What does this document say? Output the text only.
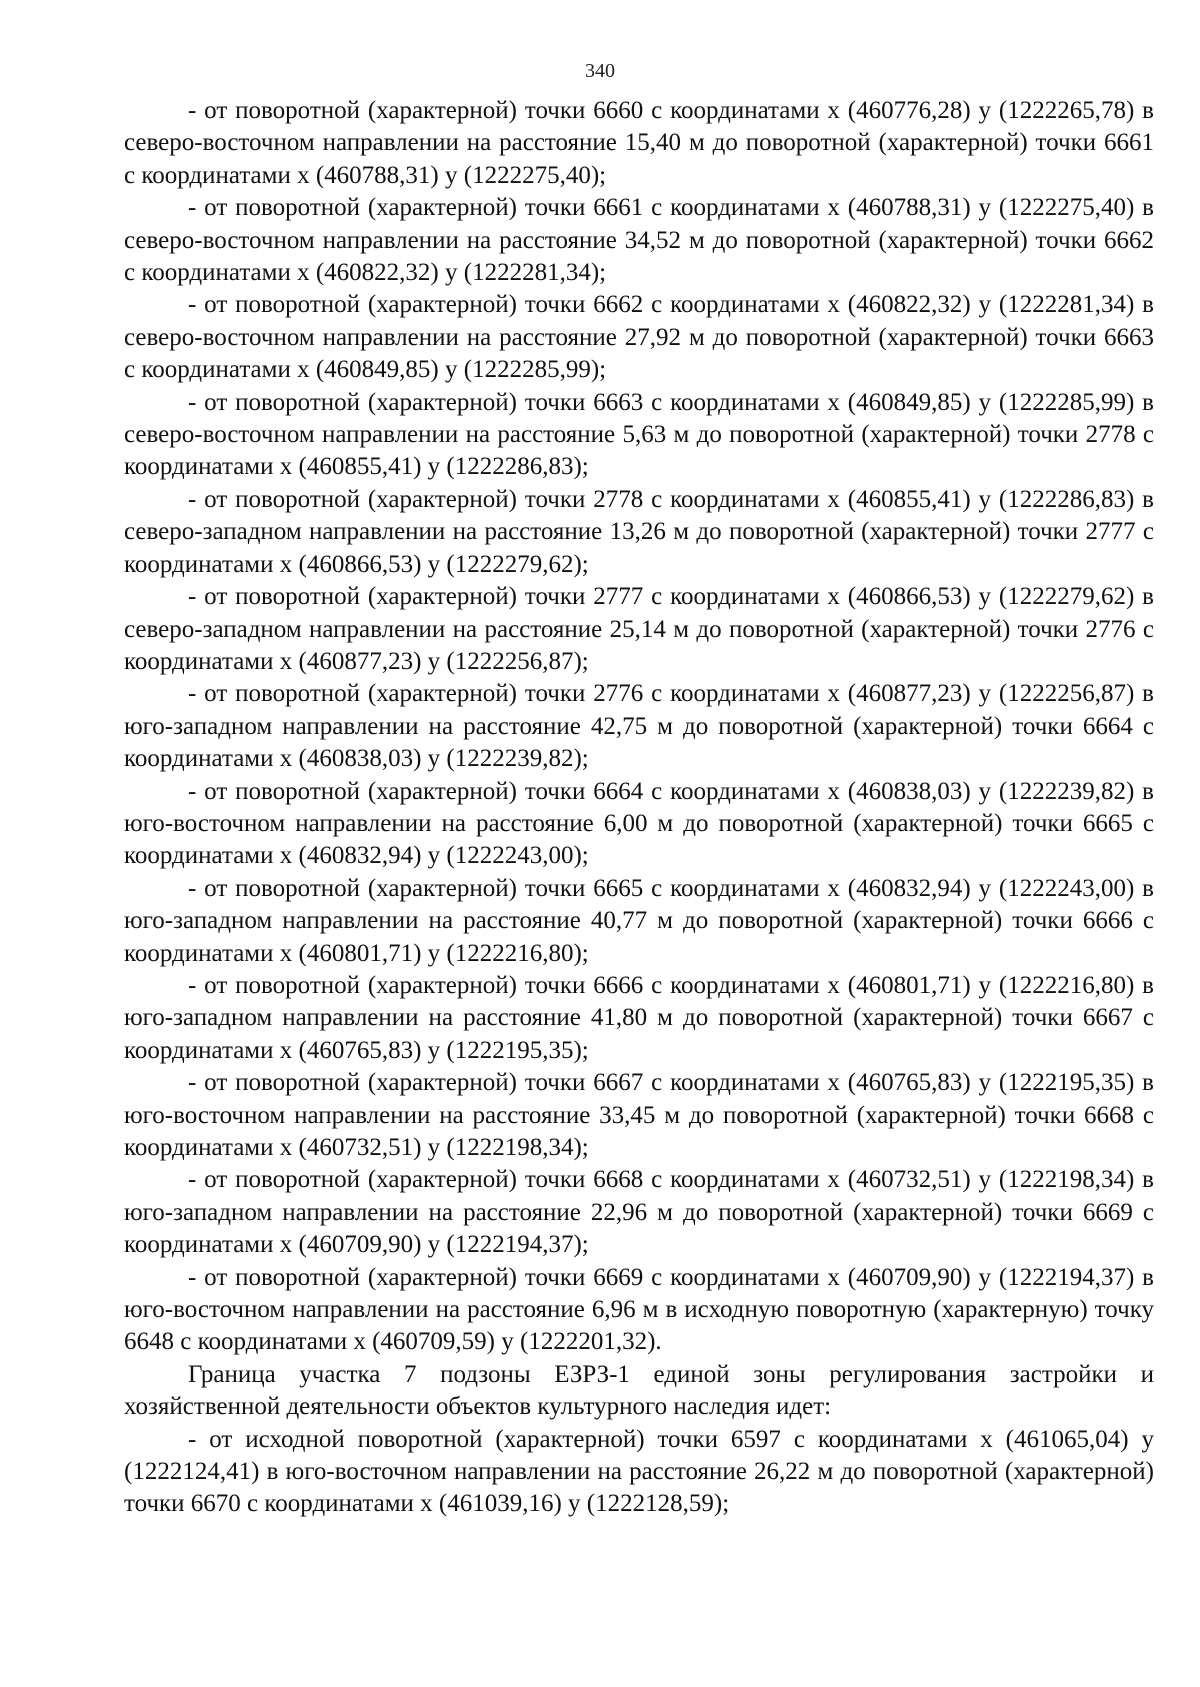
340

- от поворотной (характерной) точки 6660 с координатами x (460776,28) y (1222265,78) в северо-восточном направлении на расстояние 15,40 м до поворотной (характерной) точки 6661 с координатами x (460788,31) y (1222275,40);

- от поворотной (характерной) точки 6661 с координатами x (460788,31) y (1222275,40) в северо-восточном направлении на расстояние 34,52 м до поворотной (характерной) точки 6662 с координатами x (460822,32) y (1222281,34);

- от поворотной (характерной) точки 6662 с координатами x (460822,32) y (1222281,34) в северо-восточном направлении на расстояние 27,92 м до поворотной (характерной) точки 6663 с координатами x (460849,85) y (1222285,99);

- от поворотной (характерной) точки 6663 с координатами x (460849,85) y (1222285,99) в северо-восточном направлении на расстояние 5,63 м до поворотной (характерной) точки 2778 с координатами x (460855,41) y (1222286,83);

- от поворотной (характерной) точки 2778 с координатами x (460855,41) y (1222286,83) в северо-западном направлении на расстояние 13,26 м до поворотной (характерной) точки 2777 с координатами x (460866,53) y (1222279,62);

- от поворотной (характерной) точки 2777 с координатами x (460866,53) y (1222279,62) в северо-западном направлении на расстояние 25,14 м до поворотной (характерной) точки 2776 с координатами x (460877,23) y (1222256,87);

- от поворотной (характерной) точки 2776 с координатами x (460877,23) y (1222256,87) в юго-западном направлении на расстояние 42,75 м до поворотной (характерной) точки 6664 с координатами x (460838,03) y (1222239,82);

- от поворотной (характерной) точки 6664 с координатами x (460838,03) y (1222239,82) в юго-восточном направлении на расстояние 6,00 м до поворотной (характерной) точки 6665 с координатами x (460832,94) y (1222243,00);

- от поворотной (характерной) точки 6665 с координатами x (460832,94) y (1222243,00) в юго-западном направлении на расстояние 40,77 м до поворотной (характерной) точки 6666 с координатами x (460801,71) y (1222216,80);

- от поворотной (характерной) точки 6666 с координатами x (460801,71) y (1222216,80) в юго-западном направлении на расстояние 41,80 м до поворотной (характерной) точки 6667 с координатами x (460765,83) y (1222195,35);

- от поворотной (характерной) точки 6667 с координатами x (460765,83) y (1222195,35) в юго-восточном направлении на расстояние 33,45 м до поворотной (характерной) точки 6668 с координатами x (460732,51) y (1222198,34);

- от поворотной (характерной) точки 6668 с координатами x (460732,51) y (1222198,34) в юго-западном направлении на расстояние 22,96 м до поворотной (характерной) точки 6669 с координатами x (460709,90) y (1222194,37);

- от поворотной (характерной) точки 6669 с координатами x (460709,90) y (1222194,37) в юго-восточном направлении на расстояние 6,96 м в исходную поворотную (характерную) точку 6648 с координатами x (460709,59) y (1222201,32).

Граница участка 7 подзоны ЕЗРЗ-1 единой зоны регулирования застройки и хозяйственной деятельности объектов культурного наследия идет:

- от исходной поворотной (характерной) точки 6597 с координатами x (461065,04) y (1222124,41) в юго-восточном направлении на расстояние 26,22 м до поворотной (характерной) точки 6670 с координатами x (461039,16) y (1222128,59);
